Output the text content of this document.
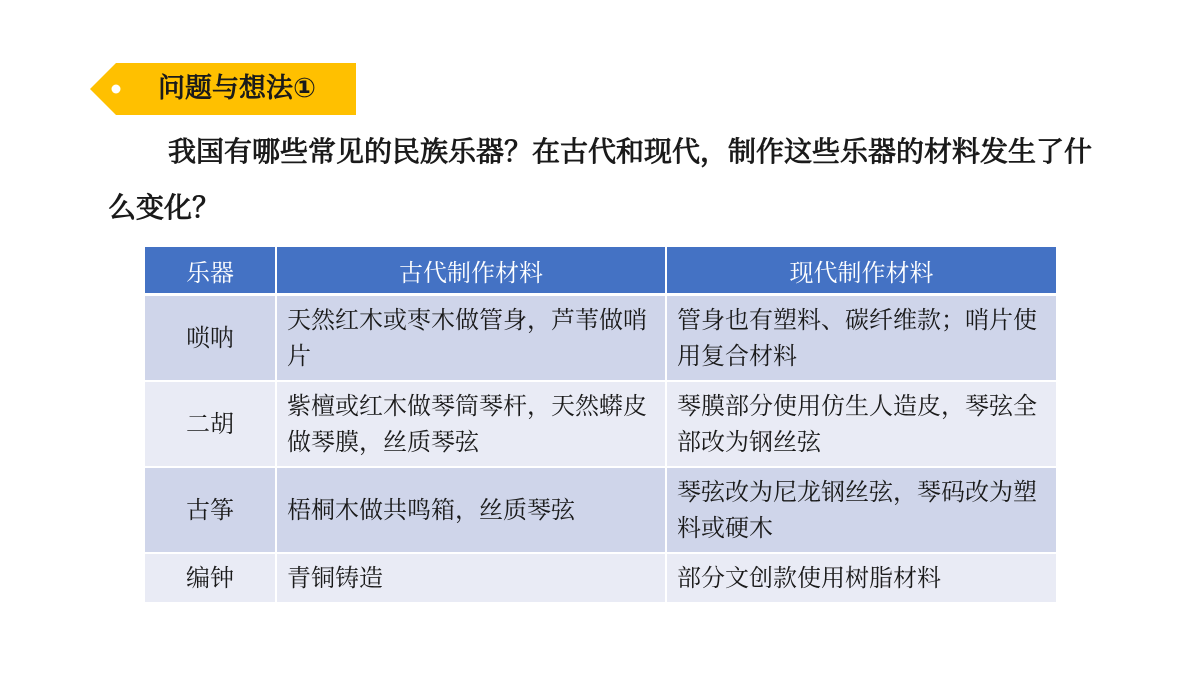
问题与想法①

我国有哪些常见的民族乐器？在古代和现代，制作这些乐器的材料发生了什么变化？

乐器	古代制作材料	现代制作材料
唢呐	天然红木或枣木做管身，芦苇做哨片	管身也有塑料、碳纤维款；哨片使用复合材料
二胡	紫檀或红木做琴筒琴杆，天然蟒皮做琴膜，丝质琴弦	琴膜部分使用仿生人造皮，琴弦全部改为钢丝弦
古筝	梧桐木做共鸣箱，丝质琴弦	琴弦改为尼龙钢丝弦，琴码改为塑料或硬木
编钟	青铜铸造	部分文创款使用树脂材料
